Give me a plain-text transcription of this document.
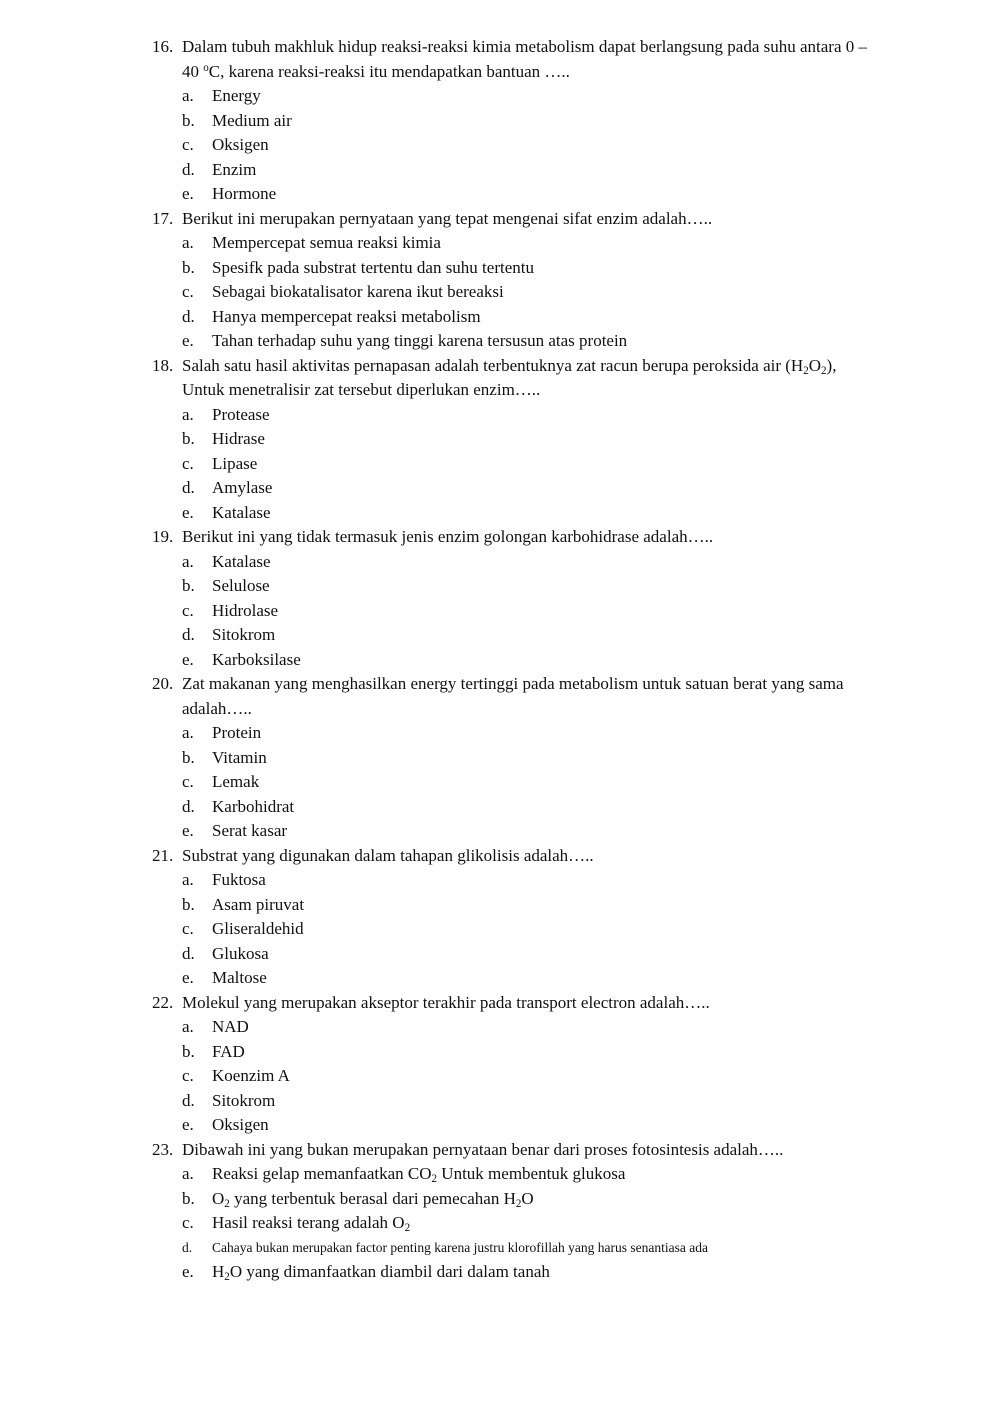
16. Dalam tubuh makhluk hidup reaksi-reaksi kimia metabolism dapat berlangsung pada suhu antara 0 – 40 $^o$C, karena reaksi-reaksi itu mendapatkan bantuan …..
a.	Energy
b.	Medium air
c.	Oksigen
d.	Enzim
e.	Hormone
17. Berikut ini merupakan pernyataan yang tepat mengenai sifat enzim adalah…..
a.	Mempercepat semua reaksi kimia
b.	Spesifk pada substrat tertentu dan suhu tertentu
c.	Sebagai biokatalisator karena ikut bereaksi
d.	Hanya mempercepat reaksi metabolism
e.	Tahan terhadap suhu yang tinggi karena tersusun atas protein
18. Salah satu hasil aktivitas pernapasan adalah terbentuknya zat racun berupa peroksida air $(H_2O_2)$, Untuk menetralisir zat tersebut diperlukan enzim…..
a.	Protease
b.	Hidrase
c.	Lipase
d.	Amylase
e.	Katalase
19. Berikut ini yang tidak termasuk jenis enzim golongan karbohidrase adalah…..
a.	Katalase
b.	Selulose
c.	Hidrolase
d.	Sitokrom
e.	Karboksilase
20. Zat makanan yang menghasilkan energy tertinggi pada metabolism untuk satuan berat yang sama adalah…..
a.	Protein
b.	Vitamin
c.	Lemak
d.	Karbohidrat
e.	Serat kasar
21. Substrat yang digunakan dalam tahapan glikolisis adalah…..
a.	Fuktosa
b.	Asam piruvat
c.	Gliseraldehid
d.	Glukosa
e.	Maltose
22. Molekul yang merupakan akseptor terakhir pada transport electron adalah…..
a.	NAD
b.	FAD
c.	Koenzim A
d.	Sitokrom
e.	Oksigen
23. Dibawah ini yang bukan merupakan pernyataan benar dari proses fotosintesis adalah…..
a.	Reaksi gelap memanfaatkan $CO_2$ Untuk membentuk glukosa
b.	$O_2$ yang terbentuk berasal dari pemecahan $H_2O$
c.	Hasil reaksi terang adalah $O_2$
d.	Cahaya bukan merupakan factor penting karena justru klorofillah yang harus senantiasa ada
e.	$H_2O$ yang dimanfaatkan diambil dari dalam tanah
